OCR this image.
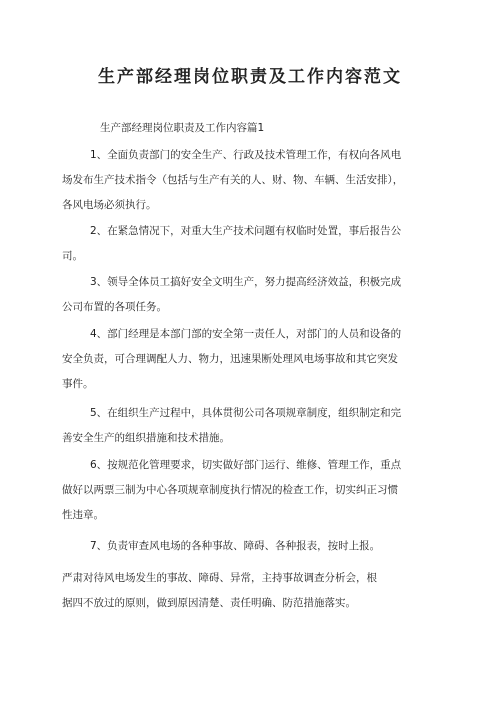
生产部经理岗位职责及工作内容范文

生产部经理岗位职责及工作内容篇1

1、全面负责部门的安全生产、行政及技术管理工作，有权向各风电
场发布生产技术指令（包括与生产有关的人、财、物、车辆、生活安排），
各风电场必须执行。

2、在紧急情况下，对重大生产技术问题有权临时处置，事后报告公
司。

3、领导全体员工搞好安全文明生产，努力提高经济效益，积极完成
公司布置的各项任务。

4、部门经理是本部门部的安全第一责任人，对部门的人员和设备的
安全负责，可合理调配人力、物力，迅速果断处理风电场事故和其它突发
事件。

5、在组织生产过程中，具体贯彻公司各项规章制度，组织制定和完
善安全生产的组织措施和技术措施。

6、按规范化管理要求，切实做好部门运行、维修、管理工作，重点
做好以两票三制为中心各项规章制度执行情况的检查工作，切实纠正习惯
性违章。

7、负责审查风电场的各种事故、障碍、各种报表，按时上报。

严肃对待风电场发生的事故、障碍、异常，主持事故调查分析会，根
据四不放过的原则，做到原因清楚、责任明确、防范措施落实。
